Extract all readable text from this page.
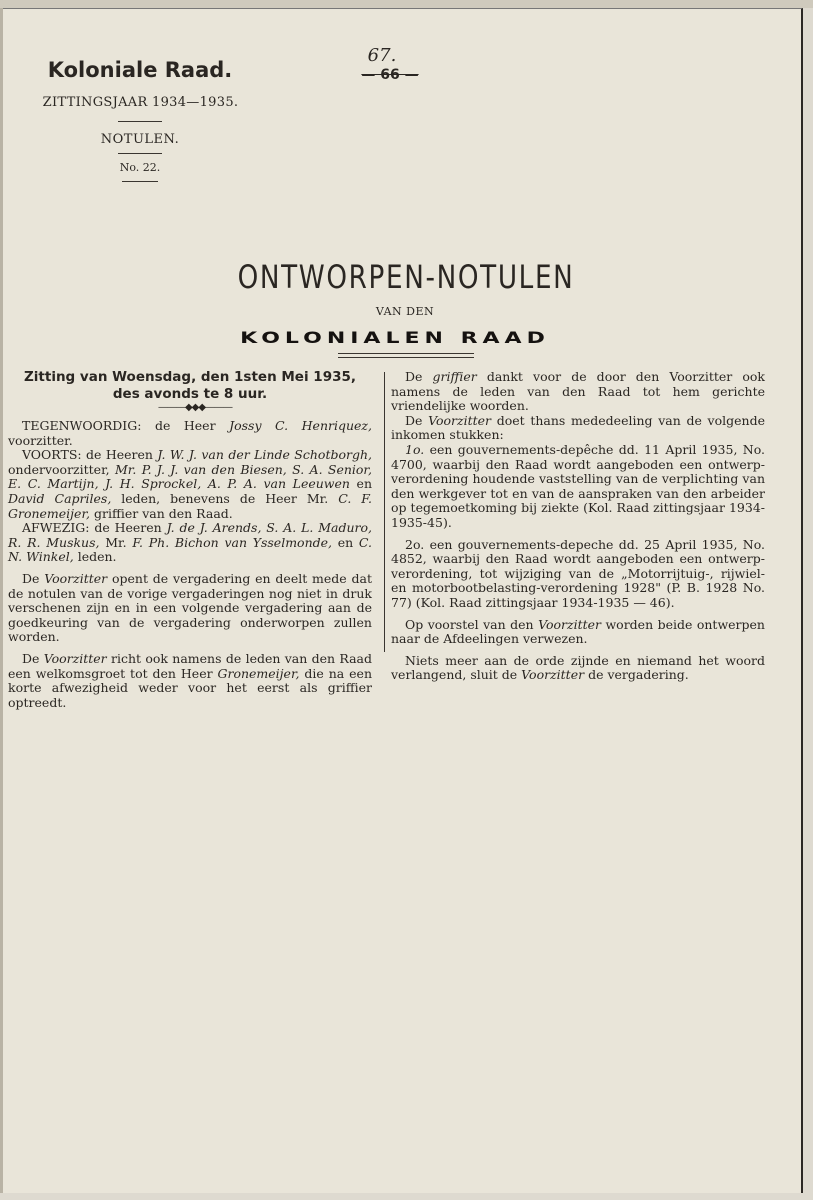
67.
— 66 —
Koloniale Raad.
ZITTINGSJAAR 1934—1935.
NOTULEN.
No. 22.
ONTWORPEN-NOTULEN
VAN DEN
KOLONIALEN RAAD
Zitting van Woensdag, den 1sten Mei 1935,
des avonds te 8 uur.
———◆◆◆———

TEGENWOORDIG: de Heer Jossy C. Henriquez, voorzitter.

VOORTS: de Heeren J. W. J. van der Linde Schotborgh, ondervoorzitter, Mr. P. J. J. van den Biesen, S. A. Senior, E. C. Martijn, J. H. Sprockel, A. P. A. van Leeuwen en David Capriles, leden, benevens de Heer Mr. C. F. Gronemeijer, griffier van den Raad.

AFWEZIG: de Heeren J. de J. Arends, S. A. L. Maduro, R. R. Muskus, Mr. F. Ph. Bichon van Ysselmonde, en C. N. Winkel, leden.

De Voorzitter opent de vergadering en deelt mede dat de notulen van de vorige vergaderingen nog niet in druk verschenen zijn en in een volgende vergadering aan de goedkeuring van de vergadering onderworpen zullen worden.

De Voorzitter richt ook namens de leden van den Raad een welkomsgroet tot den Heer Gronemeijer, die na een korte afwezigheid weder voor het eerst als griffier optreedt.

De griffier dankt voor de door den Voorzitter ook namens de leden van den Raad tot hem gerichte vriendelijke woorden.

De Voorzitter doet thans mededeeling van de volgende inkomen stukken:

1o. een gouvernements-depêche dd. 11 April 1935, No. 4700, waarbij den Raad wordt aangeboden een ontwerp-verordening houdende vaststelling van de verplichting van den werkgever tot en van de aanspraken van den arbeider op tegemoetkoming bij ziekte (Kol. Raad zittingsjaar 1934-1935-45).

2o. een gouvernements-depeche dd. 25 April 1935, No. 4852, waarbij den Raad wordt aangeboden een ontwerp-verordening, tot wijziging van de „Motorrijtuig-, rijwiel- en motorbootbelasting-verordening 1928" (P. B. 1928 No. 77) (Kol. Raad zittingsjaar 1934-1935 — 46).

Op voorstel van den Voorzitter worden beide ontwerpen naar de Afdeelingen verwezen.

Niets meer aan de orde zijnde en niemand het woord verlangend, sluit de Voorzitter de vergadering.
